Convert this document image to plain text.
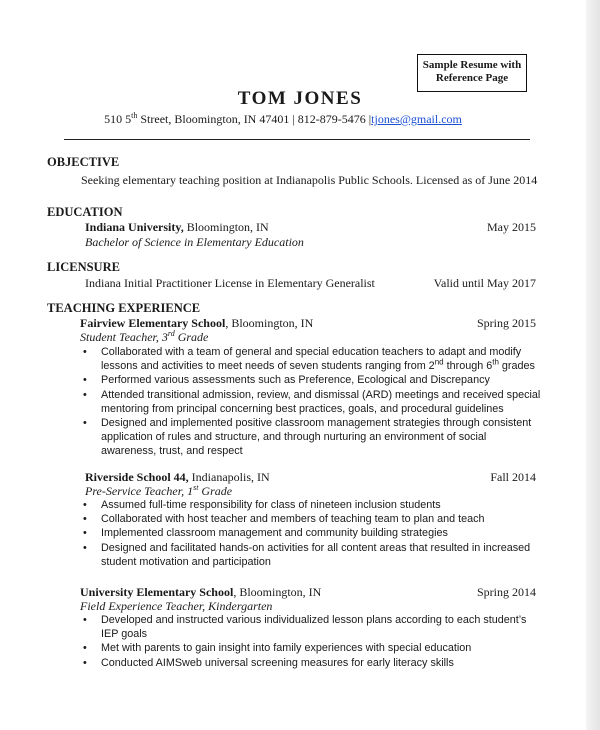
Sample Resume with
Reference Page
TOM JONES
510 5th Street, Bloomington, IN 47401 | 812-879-5476 |tjones@gmail.com
OBJECTIVE
Seeking elementary teaching position at Indianapolis Public Schools. Licensed as of June 2014
EDUCATION
Indiana University, Bloomington, IN	May 2015
Bachelor of Science in Elementary Education
LICENSURE
Indiana Initial Practitioner License in Elementary Generalist	Valid until May 2017
TEACHING EXPERIENCE
Fairview Elementary School, Bloomington, IN	Spring 2015
Student Teacher, 3rd Grade
• Collaborated with a team of general and special education teachers to adapt and modify lessons and activities to meet needs of seven students ranging from 2nd through 6th grades
• Performed various assessments such as Preference, Ecological and Discrepancy
• Attended transitional admission, review, and dismissal (ARD) meetings and received special mentoring from principal concerning best practices, goals, and procedural guidelines
• Designed and implemented positive classroom management strategies through consistent application of rules and structure, and through nurturing an environment of social awareness, trust, and respect
Riverside School 44, Indianapolis, IN	Fall 2014
Pre-Service Teacher, 1st Grade
• Assumed full-time responsibility for class of nineteen inclusion students
• Collaborated with host teacher and members of teaching team to plan and teach
• Implemented classroom management and community building strategies
• Designed and facilitated hands-on activities for all content areas that resulted in increased student motivation and participation
University Elementary School, Bloomington, IN	Spring 2014
Field Experience Teacher, Kindergarten
• Developed and instructed various individualized lesson plans according to each student’s IEP goals
• Met with parents to gain insight into family experiences with special education
• Conducted AIMSweb universal screening measures for early literacy skills
